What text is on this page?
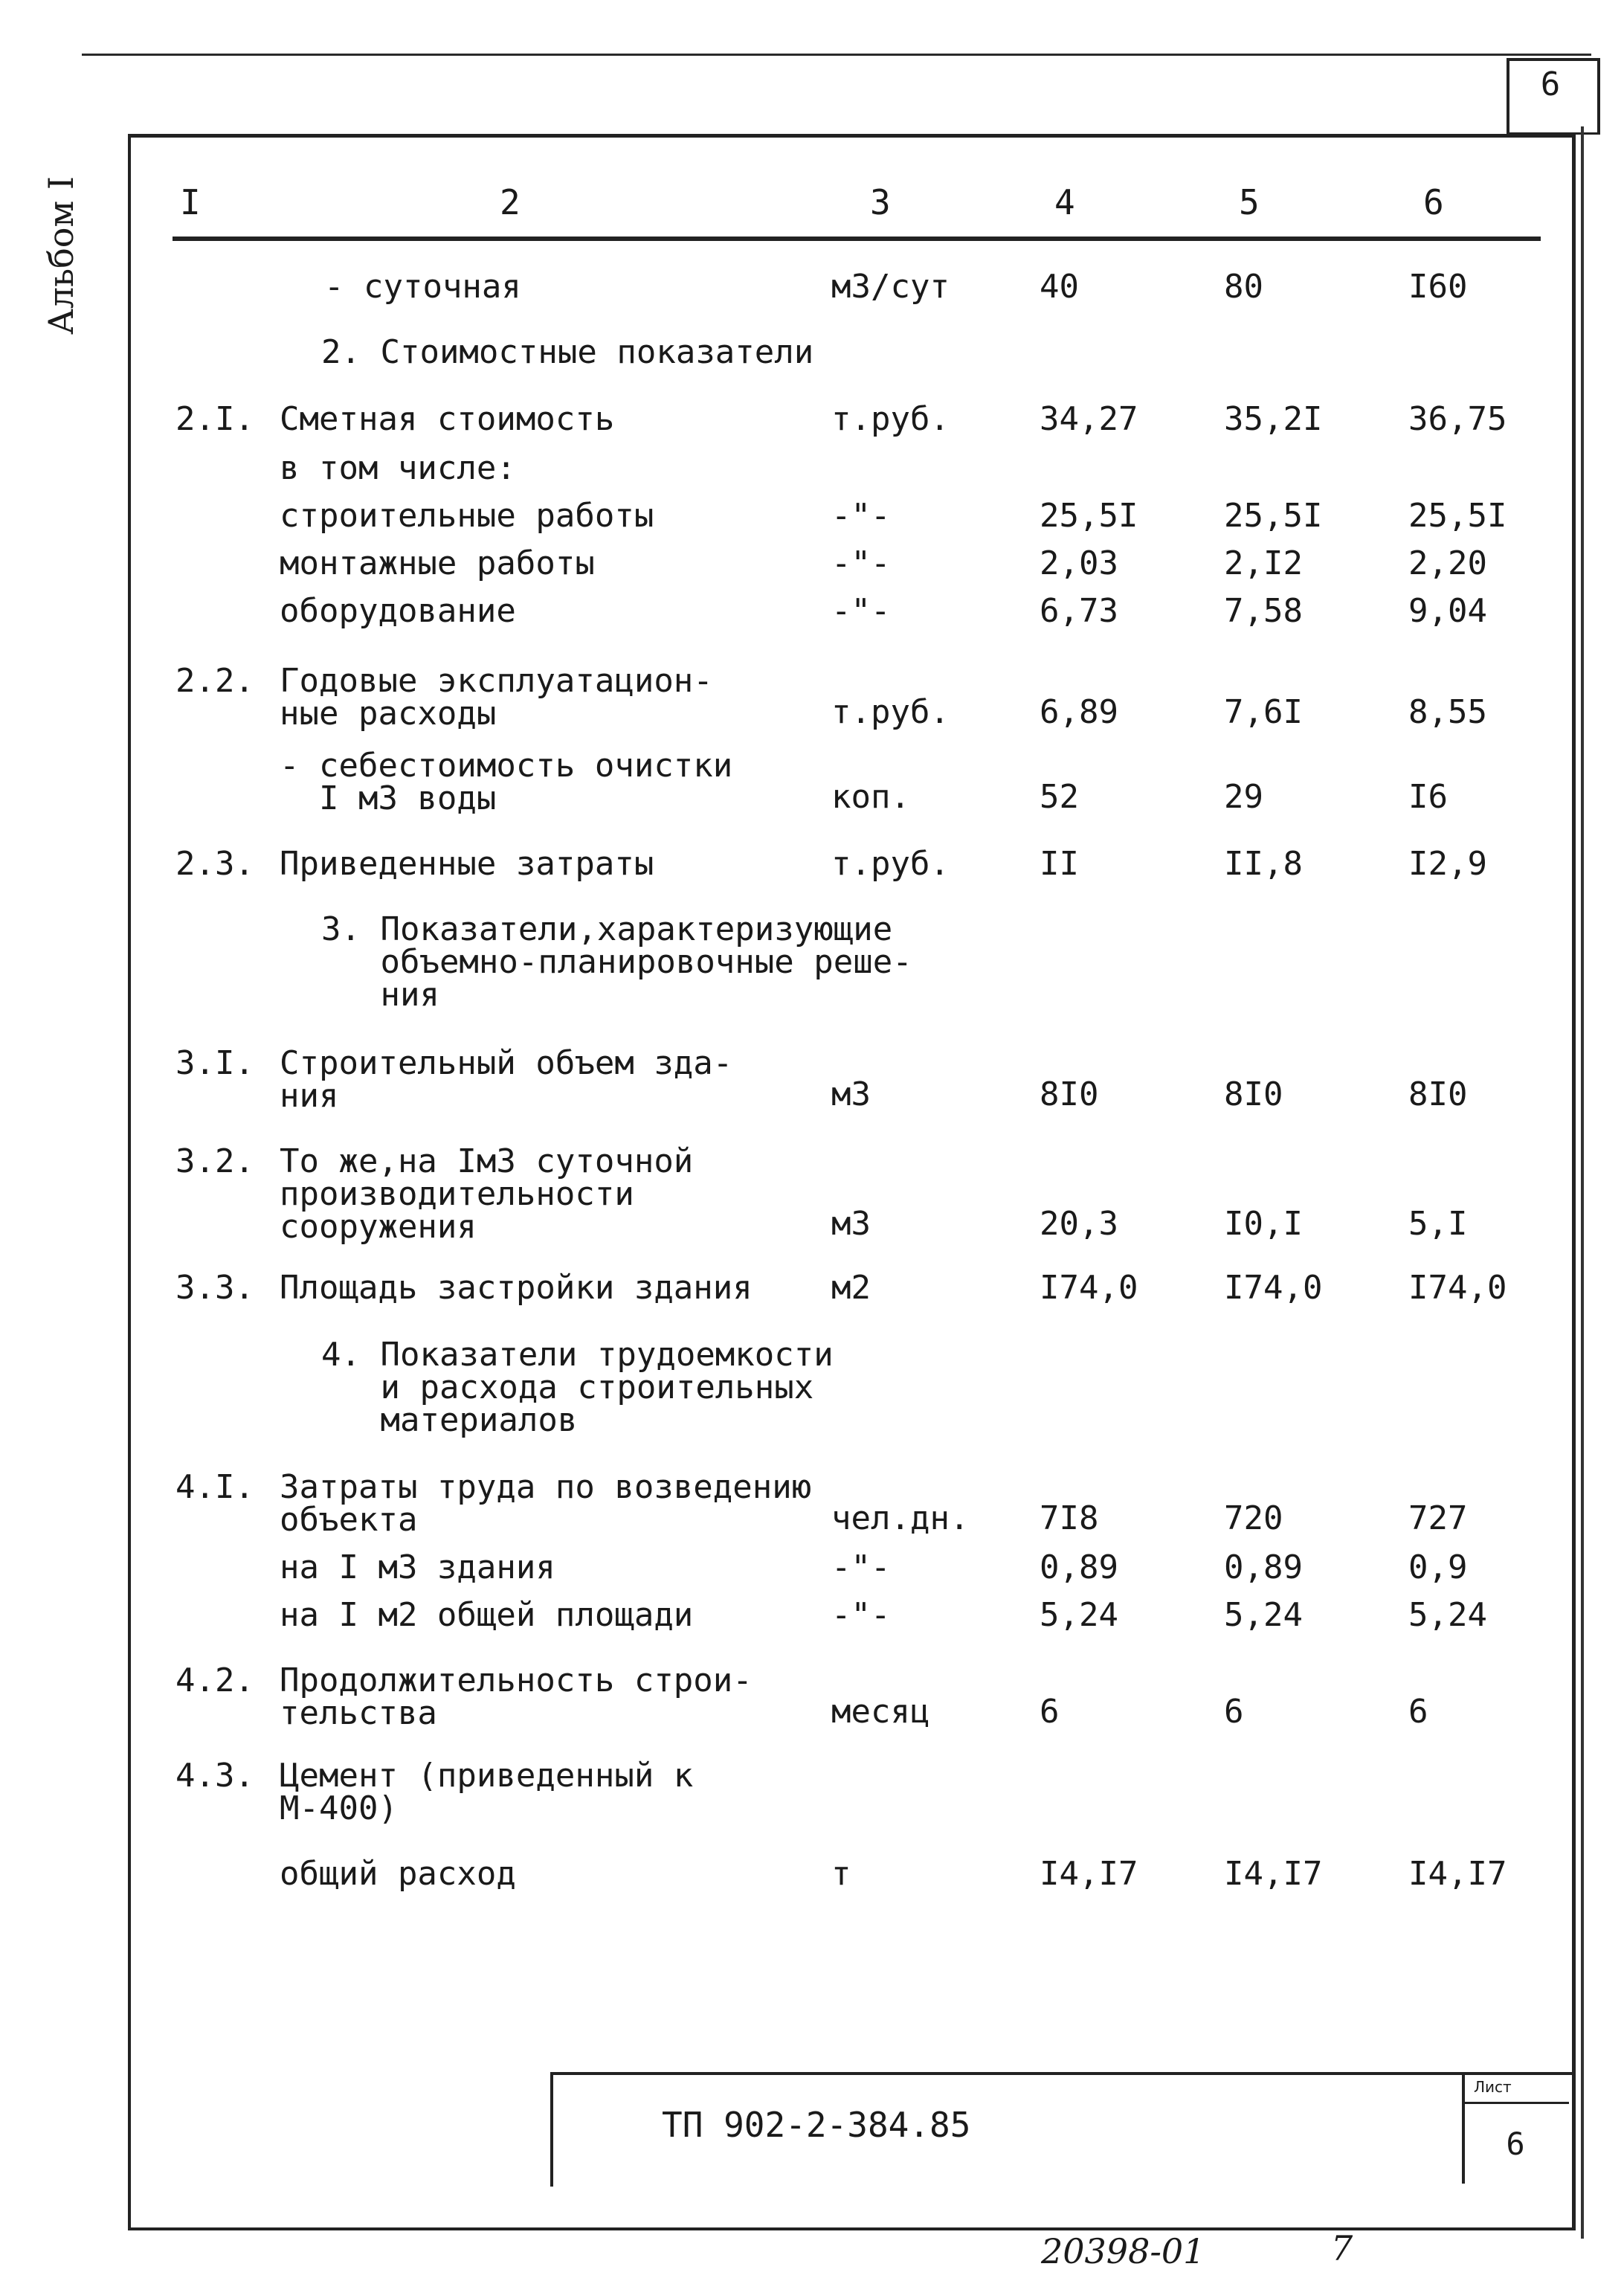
6
Альбом I	I	2	3	4	5	6
- суточная	м3/сут	40	80	I60
2. Стоимостные показатели
2.I. Сметная стоимость	т.руб.	34,27	35,2I	36,75
в том числе:
строительные работы	-"-	25,5I	25,5I	25,5I
монтажные работы	-"-	2,03	2,I2	2,20
оборудование	-"-	6,73	7,58	9,04
2.2. Годовые эксплуатацион-
ные расходы	т.руб.	6,89	7,6I	8,55
- себестоимость очистки
I м3 воды	коп.	52	29	I6
2.3. Приведенные затраты	т.руб.	II	II,8	I2,9
3. Показатели,характеризующие
объемно-планировочные реше-
ния
3.I. Строительный объем зда-
ния	м3	8I0	8I0	8I0
3.2. То же,на Iм3 суточной
производительности
сооружения	м3	20,3	I0,I	5,I
3.3. Площадь застройки здания м2	I74,0	I74,0	I74,0
4. Показатели трудоемкости
и расхода строительных
материалов
4.I. Затраты труда по возведению
объекта	чел.дн. 7I8	720	727
на I м3 здания	-"-	0,89	0,89	0,9
на I м2 общей площади	-"-	5,24	5,24	5,24
4.2. Продолжительность строи-
тельства	месяц	6	6	6
4.3. Цемент (приведенный к
М-400)
общий расход	т	I4,I7	I4,I7	I4,I7
ТП 902-2-384.85
Лист
6
20398-01	7
